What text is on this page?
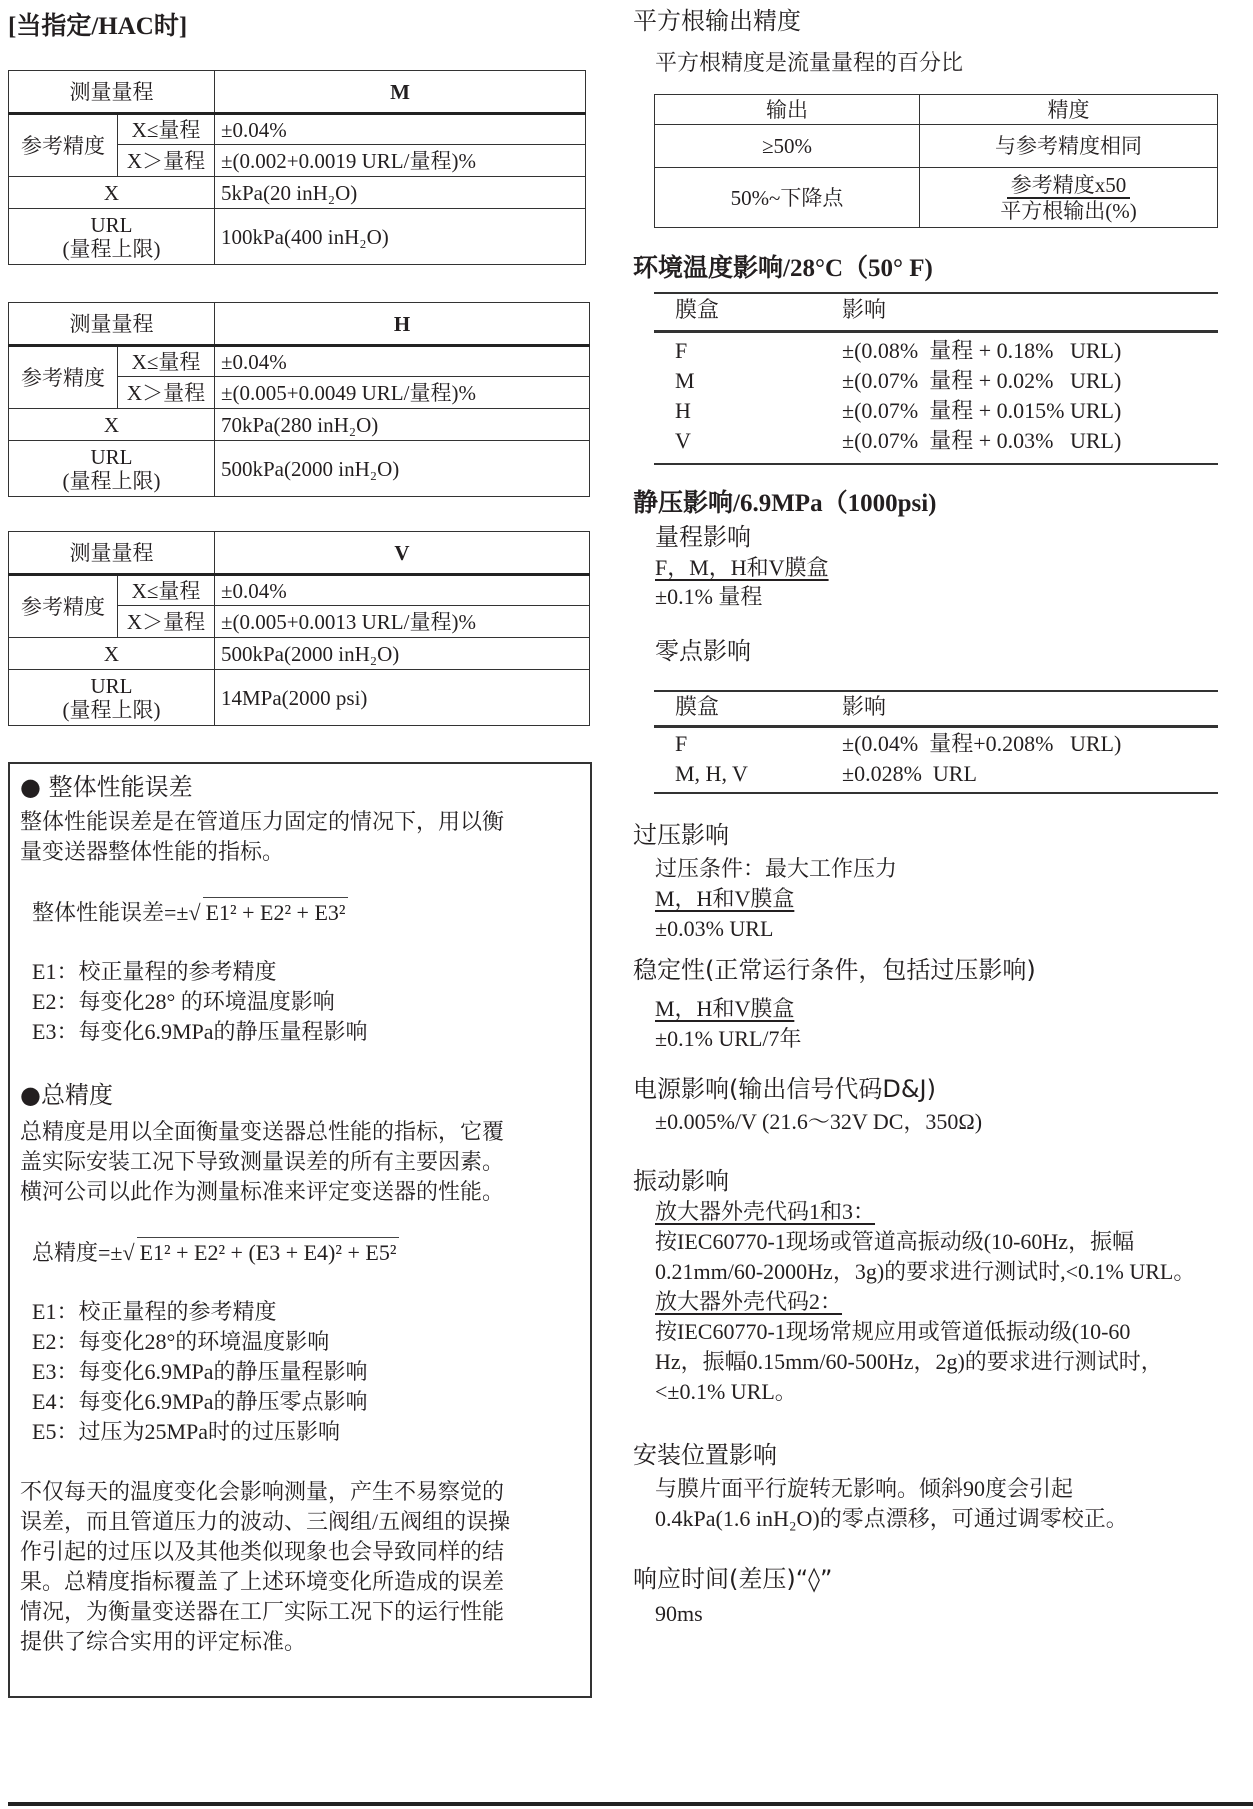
[当指定/HAC时]
测量量程		M
参考精度	X≤量程	±0.04%
	X＞量程	±(0.002+0.0019 URL/量程)%
X		5kPa(20 inH₂O)

URL
(量程上限)		100kPa(400 inH₂O)
测量量程		H
参考精度	X≤量程	±0.04%
	X＞量程	±(0.005+0.0049 URL/量程)%
X		70kPa(280 inH₂O)

URL
(量程上限)		500kPa(2000 inH₂O)
测量量程		V
参考精度	X≤量程	±0.04%
	X＞量程	±(0.005+0.0013 URL/量程)%
X		500kPa(2000 inH₂O)

URL
(量程上限)		14MPa(2000 psi)
● 整体性能误差
整体性能误差是在管道压力固定的情况下，用以衡
量变送器整体性能的指标。
整体性能误差=±√ E1² + E2² + E3²
E1：校正量程的参考精度
E2：每变化28° 的环境温度影响
E3：每变化6.9MPa的静压量程影响
●总精度
总精度是用以全面衡量变送器总性能的指标，它覆
盖实际安装工况下导致测量误差的所有主要因素。
横河公司以此作为测量标准来评定变送器的性能。
总精度=±√ E1² + E2² + (E3 + E4)² + E5²
E1：校正量程的参考精度
E2：每变化28°的环境温度影响
E3：每变化6.9MPa的静压量程影响
E4：每变化6.9MPa的静压零点影响
E5：过压为25MPa时的过压影响
不仅每天的温度变化会影响测量，产生不易察觉的
误差，而且管道压力的波动、三阀组/五阀组的误操
作引起的过压以及其他类似现象也会导致同样的结
果。总精度指标覆盖了上述环境变化所造成的误差
情况，为衡量变送器在工厂实际工况下的运行性能
提供了综合实用的评定标准。
平方根输出精度
平方根精度是流量量程的百分比
输出	精度
≥50%	与参考精度相同
50%~下降点	参考精度x50
平方根输出(%)
环境温度影响/28°C（50° F)
膜盒	影响
F	±(0.08%  量程 + 0.18%   URL)
M	±(0.07%  量程 + 0.02%   URL)
H	±(0.07%  量程 + 0.015% URL)
V	±(0.07%  量程 + 0.03%   URL)
静压影响/6.9MPa（1000psi)
量程影响
F，M，H和V膜盒
±0.1% 量程
零点影响
膜盒	影响
F	±(0.04%  量程+0.208%   URL)
M, H, V	±0.028%  URL
过压影响
过压条件：最大工作压力
M，H和V膜盒
±0.03% URL
稳定性(正常运行条件，包括过压影响)
M，H和V膜盒
±0.1% URL/7年
电源影响(输出信号代码D&J)
±0.005%/V (21.6～32V DC，350Ω)
振动影响
放大器外壳代码1和3：
按IEC60770-1现场或管道高振动级(10-60Hz，振幅
0.21mm/60-2000Hz，3g)的要求进行测试时,<0.1% URL。
放大器外壳代码2：
按IEC60770-1现场常规应用或管道低振动级(10-60
Hz，振幅0.15mm/60-500Hz，2g)的要求进行测试时，
<±0.1% URL。
安装位置影响
与膜片面平行旋转无影响。倾斜90度会引起
0.4kPa(1.6 inH₂O)的零点漂移，可通过调零校正。
响应时间(差压)“◊”
90ms
